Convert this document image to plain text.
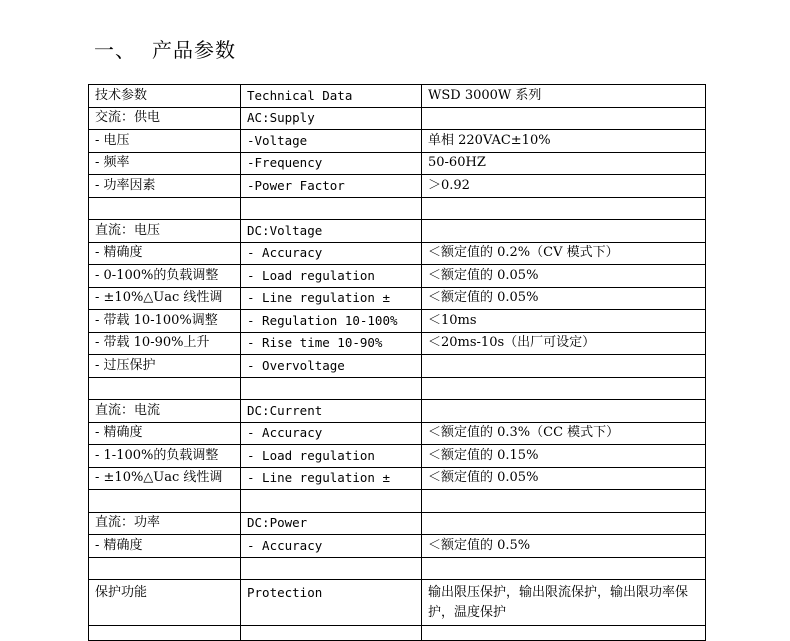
一、 产品参数
技术参数	Technical Data	WSD 3000W 系列
交流：供电	AC:Supply	
- 电压	-Voltage	单相 220VAC±10%
- 频率	-Frequency	50-60HZ
- 功率因素	-Power Factor	＞0.92

直流：电压	DC:Voltage	
- 精确度	- Accuracy	＜额定值的 0.2%（CV 模式下）
- 0-100%的负载调整	- Load regulation	＜额定值的 0.05%
- ±10%△Uac 线性调	- Line regulation ±	＜额定值的 0.05%
- 带载 10-100%调整	- Regulation 10-100%	＜10ms
- 带载 10-90%上升	- Rise time 10-90%	＜20ms-10s（出厂可设定）
- 过压保护	- Overvoltage	

直流：电流	DC:Current	
- 精确度	- Accuracy	＜额定值的 0.3%（CC 模式下）
- 1-100%的负载调整	- Load regulation	＜额定值的 0.15%
- ±10%△Uac 线性调	- Line regulation ±	＜额定值的 0.05%

直流：功率	DC:Power	
- 精确度	- Accuracy	＜额定值的 0.5%

保护功能	Protection	输出限压保护，输出限流保护，输出限功率保护，温度保护
